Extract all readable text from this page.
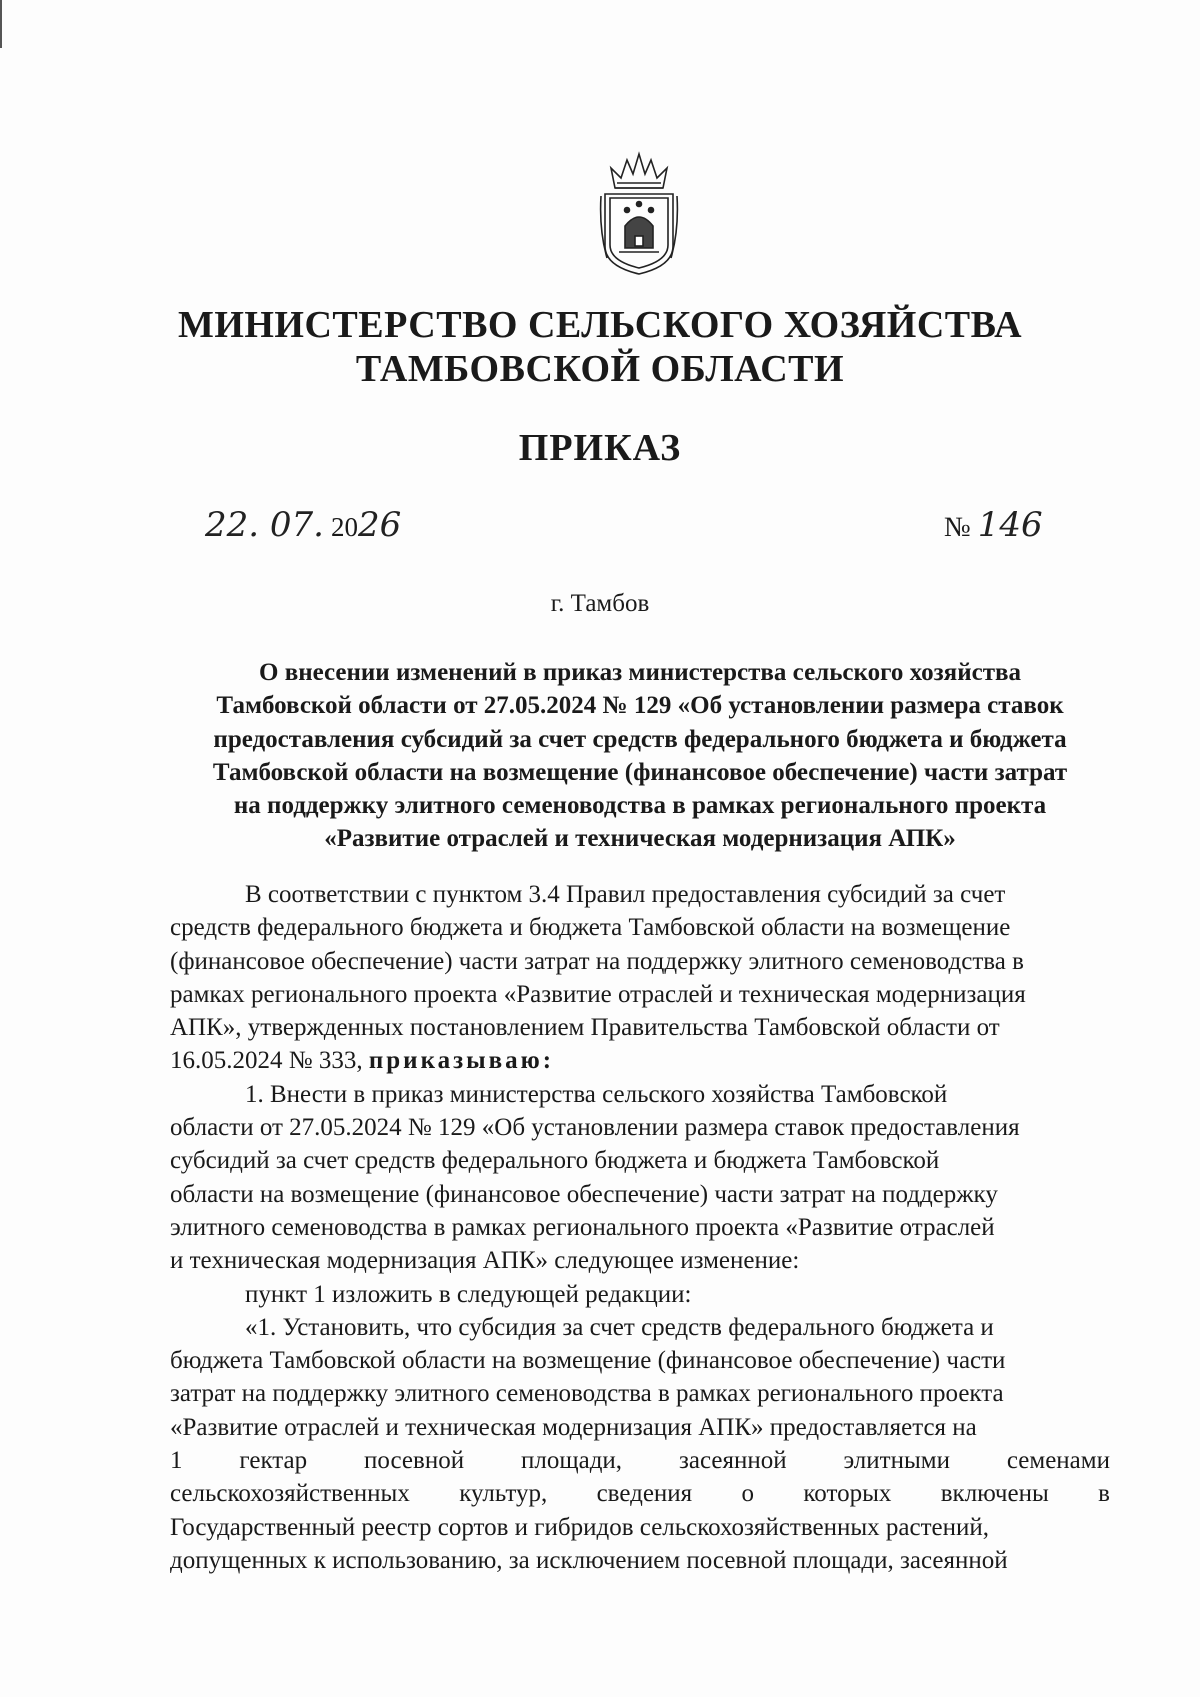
МИНИСТЕРСТВО СЕЛЬСКОГО ХОЗЯЙСТВА
ТАМБОВСКОЙ ОБЛАСТИ
ПРИКАЗ
22. 07. 2026	№ 146
г. Тамбов
О внесении изменений в приказ министерства сельского хозяйства
Тамбовской области от 27.05.2024 № 129 «Об установлении размера ставок
предоставления субсидий за счет средств федерального бюджета и бюджета
Тамбовской области на возмещение (финансовое обеспечение) части затрат
на поддержку элитного семеноводства в рамках регионального проекта
«Развитие отраслей и техническая модернизация АПК»
В соответствии с пунктом 3.4 Правил предоставления субсидий за счет
средств федерального бюджета и бюджета Тамбовской области на возмещение
(финансовое обеспечение) части затрат на поддержку элитного семеноводства в
рамках регионального проекта «Развитие отраслей и техническая модернизация
АПК», утвержденных постановлением Правительства Тамбовской области от
16.05.2024 № 333, приказываю:
1. Внести в приказ министерства сельского хозяйства Тамбовской
области от 27.05.2024 № 129 «Об установлении размера ставок предоставления
субсидий за счет средств федерального бюджета и бюджета Тамбовской
области на возмещение (финансовое обеспечение) части затрат на поддержку
элитного семеноводства в рамках регионального проекта «Развитие отраслей
и техническая модернизация АПК» следующее изменение:
пункт 1 изложить в следующей редакции:
«1. Установить, что субсидия за счет средств федерального бюджета и
бюджета Тамбовской области на возмещение (финансовое обеспечение) части
затрат на поддержку элитного семеноводства в рамках регионального проекта
«Развитие отраслей и техническая модернизация АПК» предоставляется на
1 гектар посевной площади, засеянной элитными семенами
сельскохозяйственных культур, сведения о которых включены в
Государственный реестр сортов и гибридов сельскохозяйственных растений,
допущенных к использованию, за исключением посевной площади, засеянной
